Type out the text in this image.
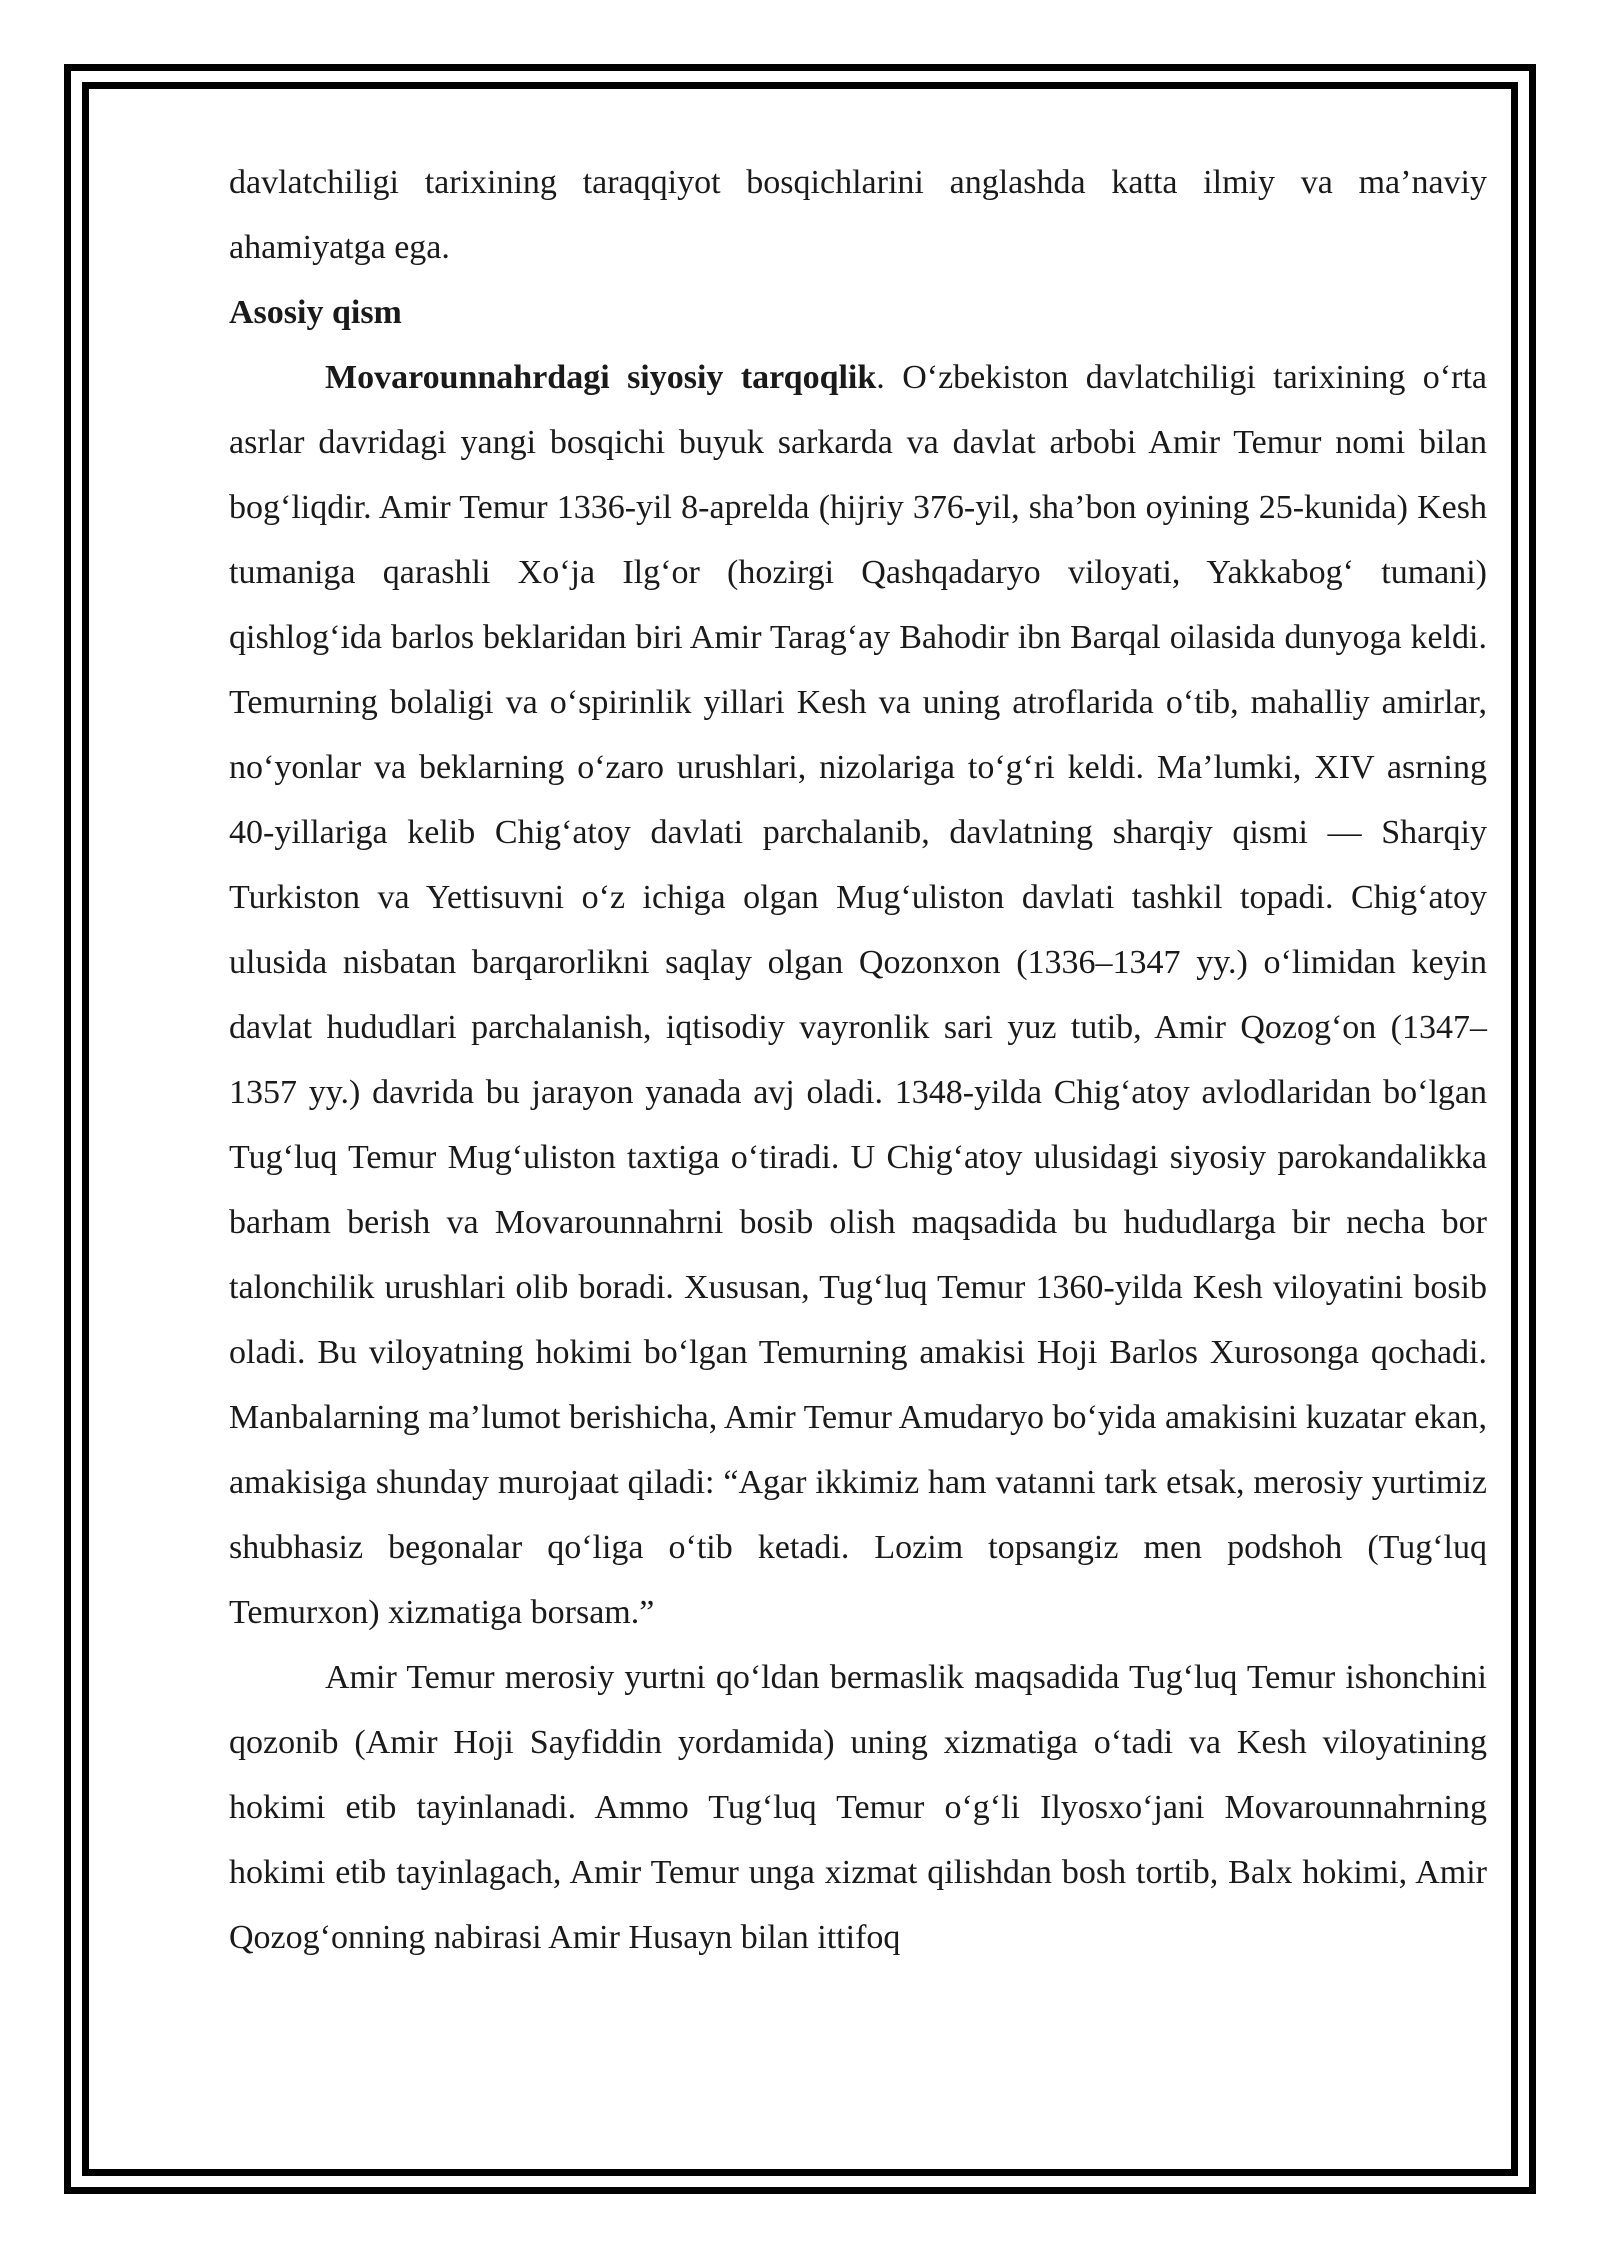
davlatchiligi tarixining taraqqiyot bosqichlarini anglashda katta ilmiy va ma’naviy ahamiyatga ega.

Asosiy qism

Movarounnahrdagi siyosiy tarqoqlik. O‘zbekiston davlatchiligi tarixining o‘rta asrlar davridagi yangi bosqichi buyuk sarkarda va davlat arbobi Amir Temur nomi bilan bog‘liqdir. Amir Temur 1336-yil 8-aprelda (hijriy 376-yil, sha’bon oyining 25-kunida) Kesh tumaniga qarashli Xo‘ja Ilg‘or (hozirgi Qashqadaryo viloyati, Yakkabog‘ tumani) qishlog‘ida barlos beklaridan biri Amir Tarag‘ay Bahodir ibn Barqal oilasida dunyoga keldi. Temurning bolaligi va o‘spirinlik yillari Kesh va uning atroflarida o‘tib, mahalliy amirlar, no‘yonlar va beklarning o‘zaro urushlari, nizolariga to‘g‘ri keldi. Ma’lumki, XIV asrning 40-yillariga kelib Chig‘atoy davlati parchalanib, davlatning sharqiy qismi — Sharqiy Turkiston va Yettisuvni o‘z ichiga olgan Mug‘uliston davlati tashkil topadi. Chig‘atoy ulusida nisbatan barqarorlikni saqlay olgan Qozonxon (1336–1347 yy.) o‘limidan keyin davlat hududlari parchalanish, iqtisodiy vayronlik sari yuz tutib, Amir Qozog‘on (1347–1357 yy.) davrida bu jarayon yanada avj oladi. 1348-yilda Chig‘atoy avlodlaridan bo‘lgan Tug‘luq Temur Mug‘uliston taxtiga o‘tiradi. U Chig‘atoy ulusidagi siyosiy parokandalikka barham berish va Movarounnahrni bosib olish maqsadida bu hududlarga bir necha bor talonchilik urushlari olib boradi. Xususan, Tug‘luq Temur 1360-yilda Kesh viloyatini bosib oladi. Bu viloyatning hokimi bo‘lgan Temurning amakisi Hoji Barlos Xurosonga qochadi. Manbalarning ma’lumot berishicha, Amir Temur Amudaryo bo‘yida amakisini kuzatar ekan, amakisiga shunday murojaat qiladi: “Agar ikkimiz ham vatanni tark etsak, merosiy yurtimiz shubhasiz begonalar qo‘liga o‘tib ketadi. Lozim topsangiz men podshoh (Tug‘luq Temurxon) xizmatiga borsam.”

Amir Temur merosiy yurtni qo‘ldan bermaslik maqsadida Tug‘luq Temur ishonchini qozonib (Amir Hoji Sayfiddin yordamida) uning xizmatiga o‘tadi va Kesh viloyatining hokimi etib tayinlanadi. Ammo Tug‘luq Temur o‘g‘li Ilyosxo‘jani Movarounnahrning hokimi etib tayinlagach, Amir Temur unga xizmat qilishdan bosh tortib, Balx hokimi, Amir Qozog‘onning nabirasi Amir Husayn bilan ittifoq
